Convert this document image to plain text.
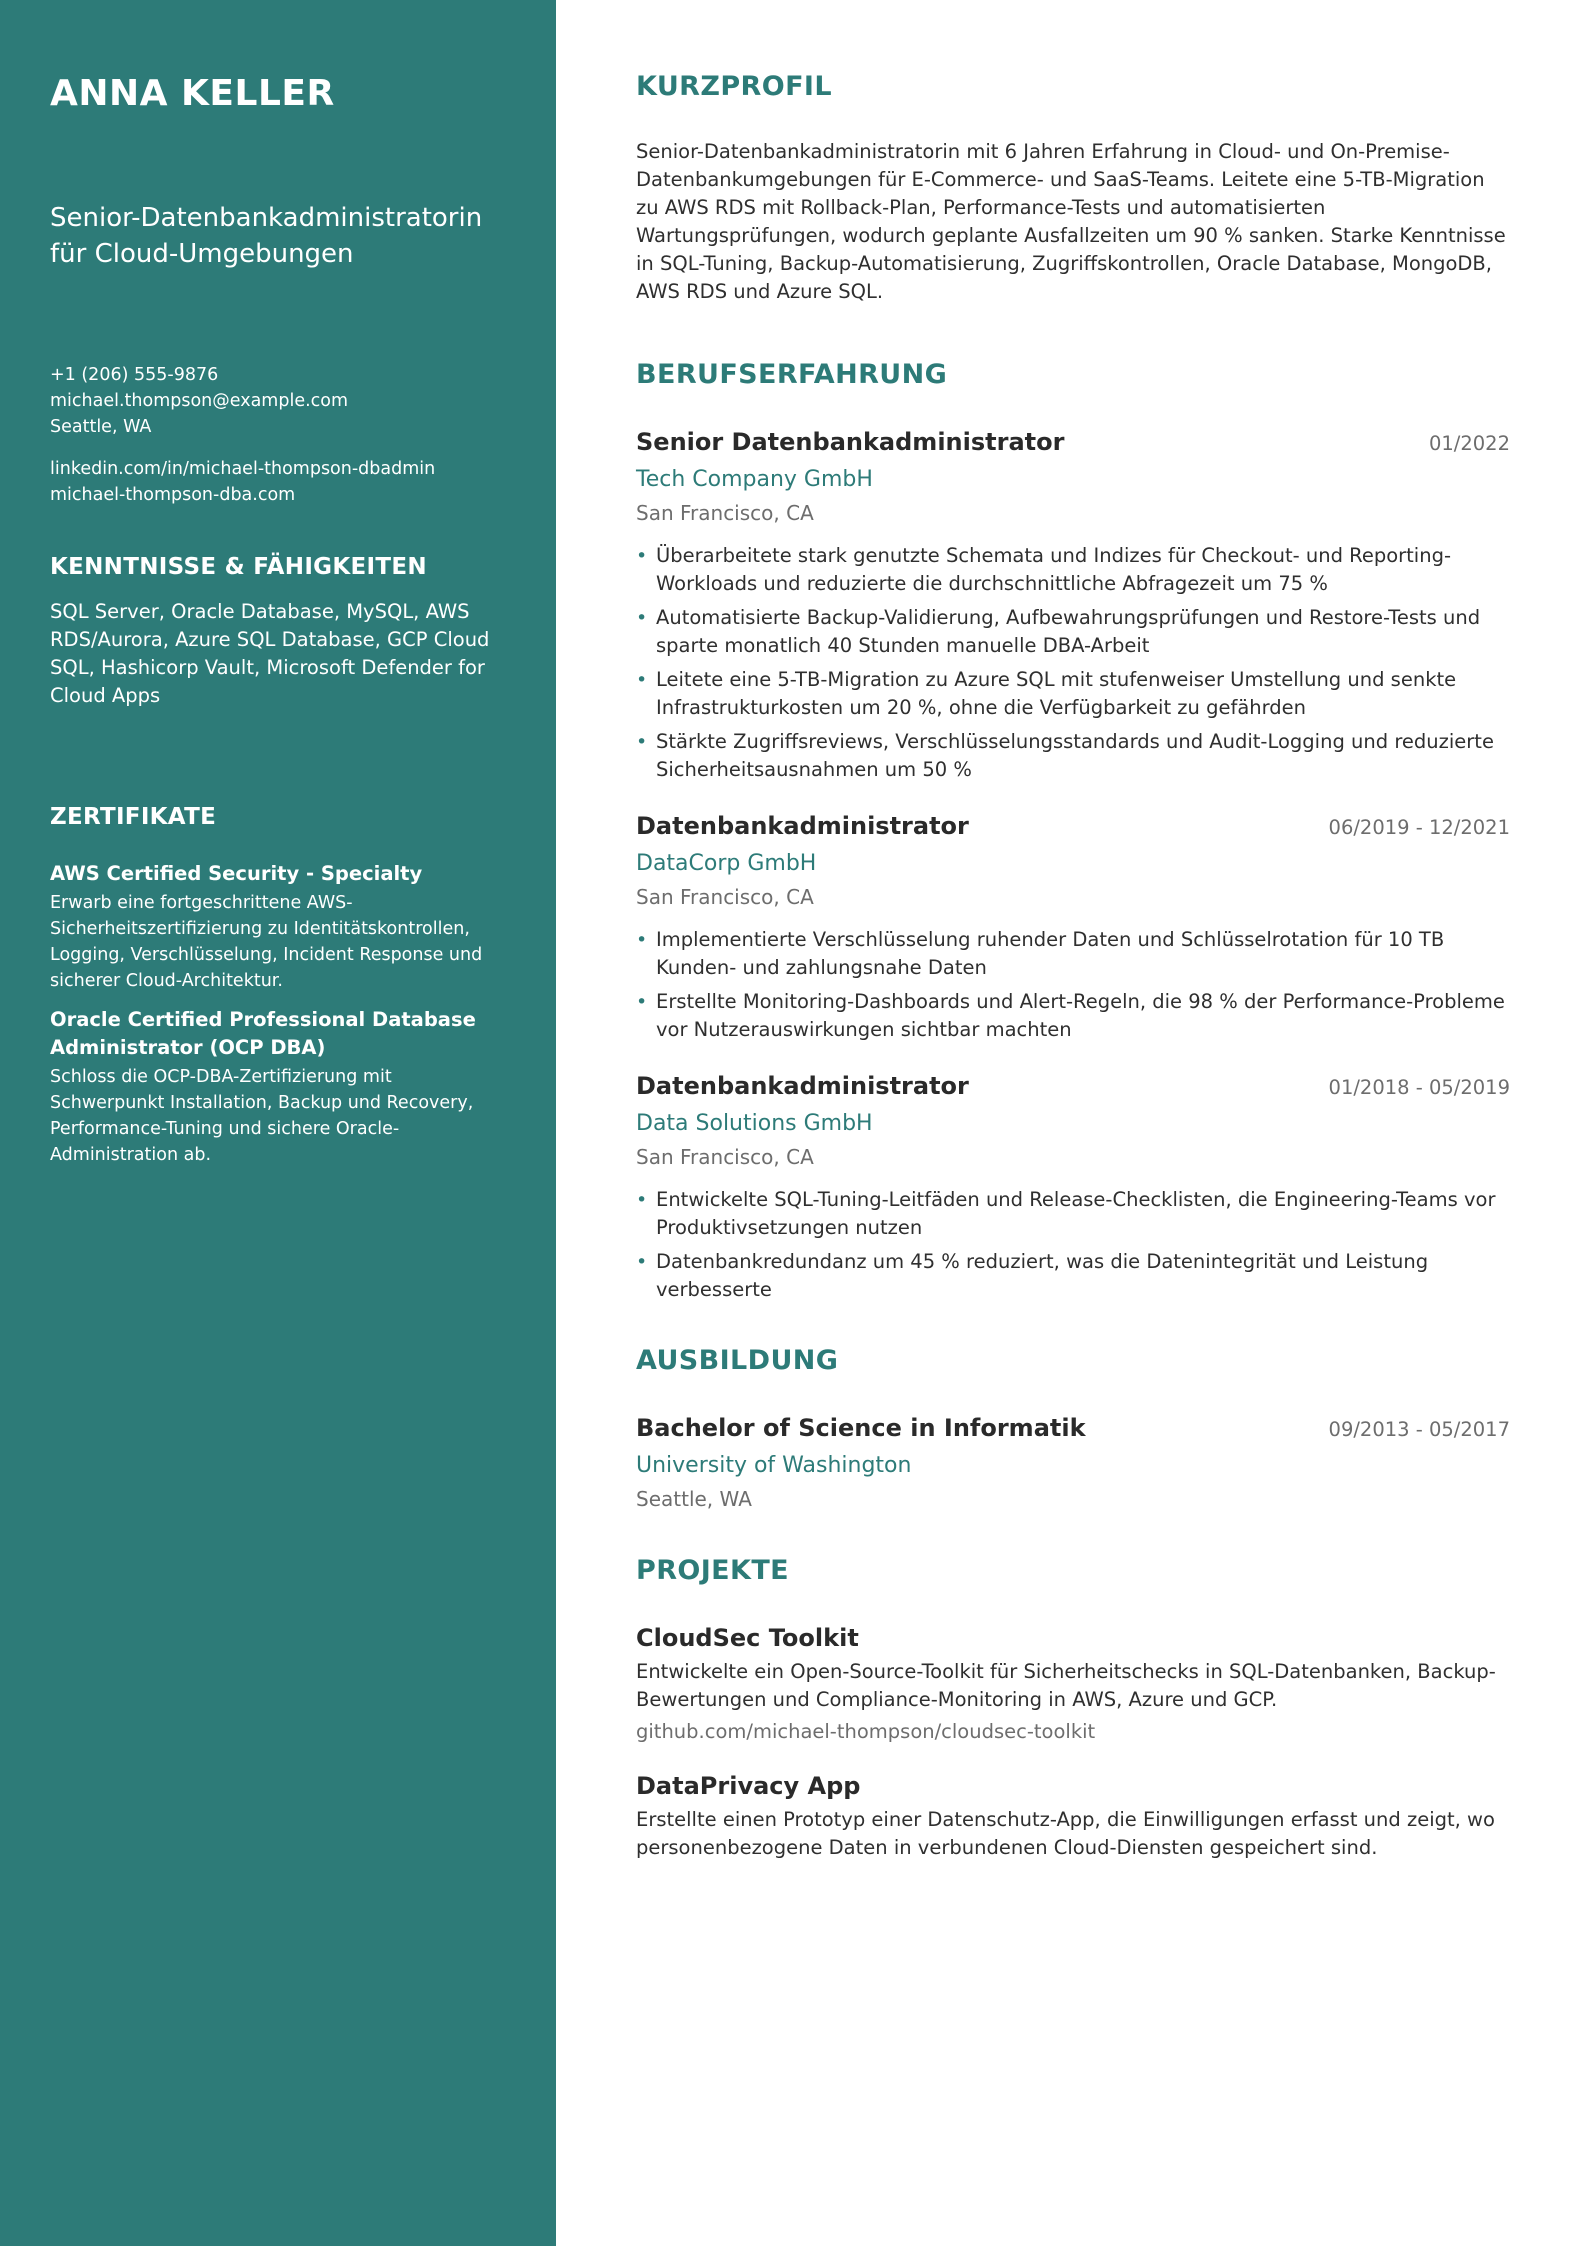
ANNA KELLER
Senior-Datenbankadministratorin für Cloud-Umgebungen
+1 (206) 555-9876
michael.thompson@example.com
Seattle, WA
linkedin.com/in/michael-thompson-dbadmin
michael-thompson-dba.com
KENNTNISSE & FÄHIGKEITEN

SQL Server, Oracle Database, MySQL, AWS RDS/Aurora, Azure SQL Database, GCP Cloud SQL, Hashicorp Vault, Microsoft Defender for Cloud Apps

ZERTIFIKATE
AWS Certified Security - Specialty
Erwarb eine fortgeschrittene AWS-Sicherheitszertifizierung zu Identitätskontrollen, Logging, Verschlüsselung, Incident Response und sicherer Cloud-Architektur.
Oracle Certified Professional Database Administrator (OCP DBA)
Schloss die OCP-DBA-Zertifizierung mit Schwerpunkt Installation, Backup und Recovery, Performance-Tuning und sichere Oracle-Administration ab.
KURZPROFIL

Senior-Datenbankadministratorin mit 6 Jahren Erfahrung in Cloud- und On-Premise-Datenbankumgebungen für E-Commerce- und SaaS-Teams. Leitete eine 5-TB-Migration zu AWS RDS mit Rollback-Plan, Performance-Tests und automatisierten Wartungsprüfungen, wodurch geplante Ausfallzeiten um 90 % sanken. Starke Kenntnisse in SQL-Tuning, Backup-Automatisierung, Zugriffskontrollen, Oracle Database, MongoDB, AWS RDS und Azure SQL.

BERUFSERFAHRUNG
Senior Datenbankadministrator	01/2022
Tech Company GmbH
San Francisco, CA
• Überarbeitete stark genutzte Schemata und Indizes für Checkout- und Reporting-Workloads und reduzierte die durchschnittliche Abfragezeit um 75 %
• Automatisierte Backup-Validierung, Aufbewahrungsprüfungen und Restore-Tests und sparte monatlich 40 Stunden manuelle DBA-Arbeit
• Leitete eine 5-TB-Migration zu Azure SQL mit stufenweiser Umstellung und senkte Infrastrukturkosten um 20 %, ohne die Verfügbarkeit zu gefährden
• Stärkte Zugriffsreviews, Verschlüsselungsstandards und Audit-Logging und reduzierte Sicherheitsausnahmen um 50 %
Datenbankadministrator	06/2019 - 12/2021
DataCorp GmbH
San Francisco, CA
• Implementierte Verschlüsselung ruhender Daten und Schlüsselrotation für 10 TB Kunden- und zahlungsnahe Daten
• Erstellte Monitoring-Dashboards und Alert-Regeln, die 98 % der Performance-Probleme vor Nutzerauswirkungen sichtbar machten
Datenbankadministrator	01/2018 - 05/2019
Data Solutions GmbH
San Francisco, CA
• Entwickelte SQL-Tuning-Leitfäden und Release-Checklisten, die Engineering-Teams vor Produktivsetzungen nutzen
• Datenbankredundanz um 45 % reduziert, was die Datenintegrität und Leistung verbesserte
AUSBILDUNG
Bachelor of Science in Informatik	09/2013 - 05/2017
University of Washington
Seattle, WA
PROJEKTE
CloudSec Toolkit
Entwickelte ein Open-Source-Toolkit für Sicherheitschecks in SQL-Datenbanken, Backup-Bewertungen und Compliance-Monitoring in AWS, Azure und GCP.
github.com/michael-thompson/cloudsec-toolkit
DataPrivacy App
Erstellte einen Prototyp einer Datenschutz-App, die Einwilligungen erfasst und zeigt, wo personenbezogene Daten in verbundenen Cloud-Diensten gespeichert sind.
